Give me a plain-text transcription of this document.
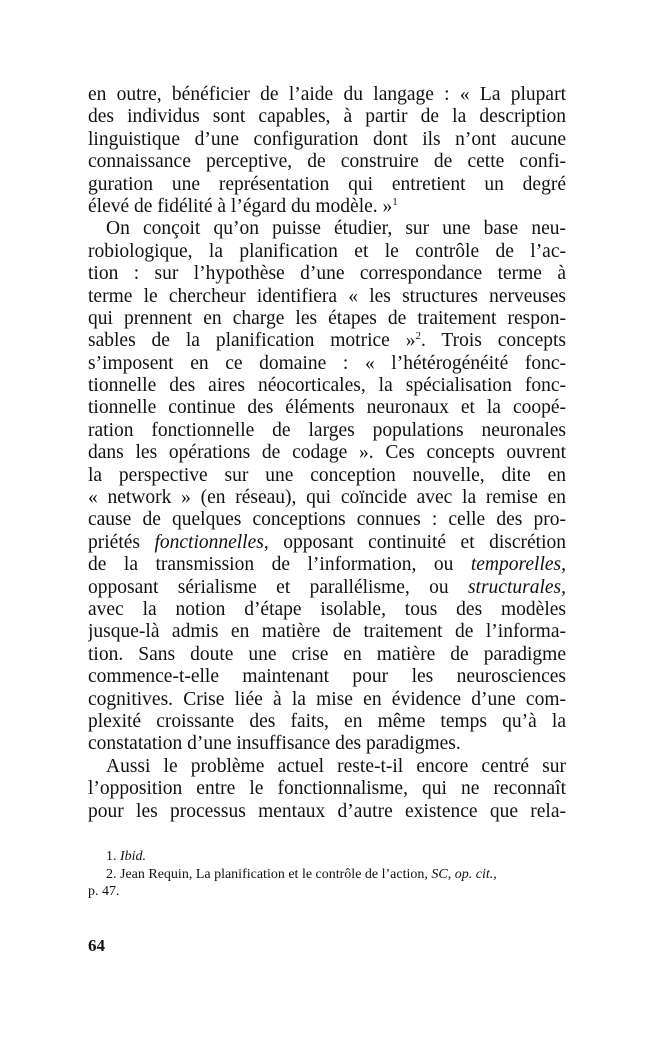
en outre, bénéficier de l’aide du langage : « La plupart
des individus sont capables, à partir de la description
linguistique d’une configuration dont ils n’ont aucune
connaissance perceptive, de construire de cette confi-
guration une représentation qui entretient un degré
élevé de fidélité à l’égard du modèle. »$^1$
On conçoit qu’on puisse étudier, sur une base neu-
robiologique, la planification et le contrôle de l’ac-
tion : sur l’hypothèse d’une correspondance terme à
terme le chercheur identifiera « les structures nerveuses
qui prennent en charge les étapes de traitement respon-
sables de la planification motrice »$^2$. Trois concepts
s’imposent en ce domaine : « l’hétérogénéité fonc-
tionnelle des aires néocorticales, la spécialisation fonc-
tionnelle continue des éléments neuronaux et la coopé-
ration fonctionnelle de larges populations neuronales
dans les opérations de codage ». Ces concepts ouvrent
la perspective sur une conception nouvelle, dite en
« network » (en réseau), qui coïncide avec la remise en
cause de quelques conceptions connues : celle des pro-
priétés fonctionnelles, opposant continuité et discrétion
de la transmission de l’information, ou temporelles,
opposant sérialisme et parallélisme, ou structurales,
avec la notion d’étape isolable, tous des modèles
jusque-là admis en matière de traitement de l’informa-
tion. Sans doute une crise en matière de paradigme
commence-t-elle maintenant pour les neurosciences
cognitives. Crise liée à la mise en évidence d’une com-
plexité croissante des faits, en même temps qu’à la
constatation d’une insuffisance des paradigmes.
Aussi le problème actuel reste-t-il encore centré sur
l’opposition entre le fonctionnalisme, qui ne reconnaît
pour les processus mentaux d’autre existence que rela-
1. Ibid.
2. Jean Requin, La planification et le contrôle de l’action, SC, op. cit.,
p. 47.
64
